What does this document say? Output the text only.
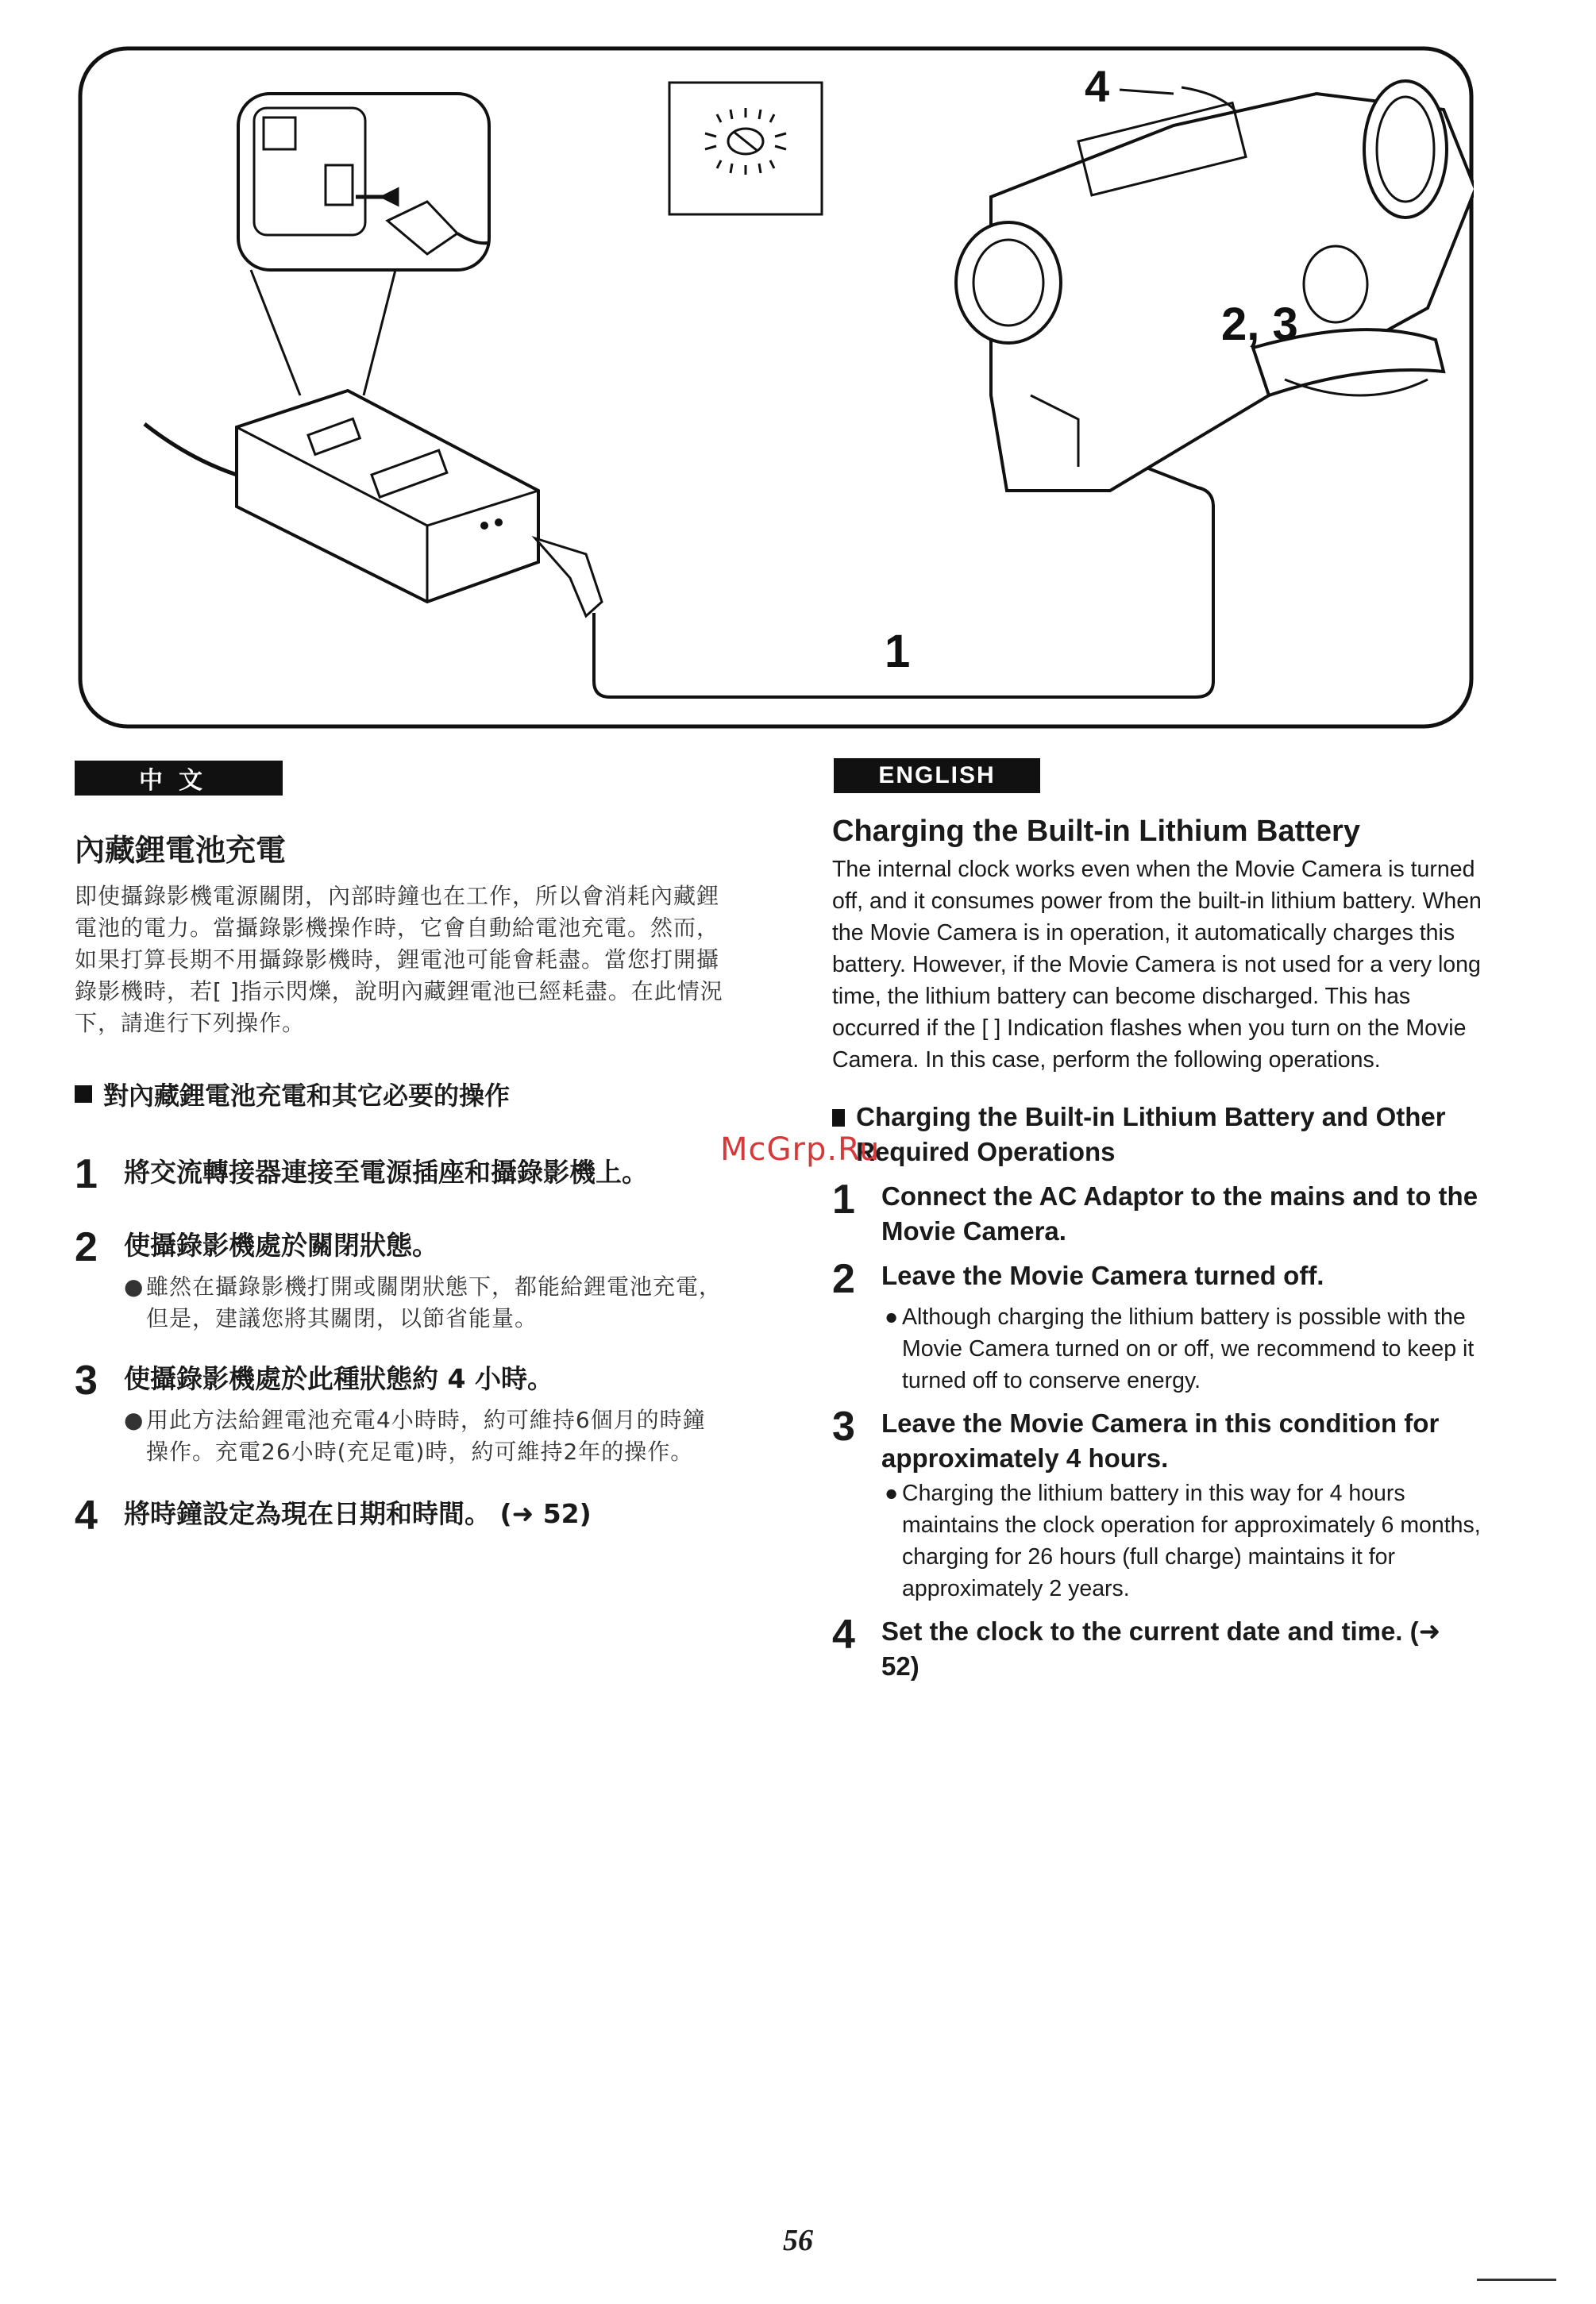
4
2, 3
1
中文	ENGLISH
內藏鋰電池充電

即使攝錄影機電源關閉，內部時鐘也在工作，所以會消耗內藏鋰電池的電力。當攝錄影機操作時，它會自動給電池充電。然而，如果打算長期不用攝錄影機時，鋰電池可能會耗盡。當您打開攝錄影機時，若[ ]指示閃爍，說明內藏鋰電池已經耗盡。在此情況下，請進行下列操作。

對內藏鋰電池充電和其它必要的操作
1	將交流轉接器連接至電源插座和攝錄影機上。
2	使攝錄影機處於關閉狀態。
● 雖然在攝錄影機打開或關閉狀態下，都能給鋰電池充電，但是，建議您將其關閉，以節省能量。
3	使攝錄影機處於此種狀態約 4 小時。
● 用此方法給鋰電池充電4小時時，約可維持6個月的時鐘操作。充電26小時(充足電)時，約可維持2年的操作。
4	將時鐘設定為現在日期和時間。 (➜ 52)
Charging the Built-in Lithium Battery

The internal clock works even when the Movie Camera is turned off, and it consumes power from the built-in lithium battery. When the Movie Camera is in operation, it automatically charges this battery. However, if the Movie Camera is not used for a very long time, the lithium battery can become discharged. This has occurred if the [ ] Indication flashes when you turn on the Movie Camera. In this case, perform the following operations.

Charging the Built-in Lithium Battery and Other Required Operations
1	Connect the AC Adaptor to the mains and to the Movie Camera.
2	Leave the Movie Camera turned off.
● Although charging the lithium battery is possible with the Movie Camera turned on or off, we recommend to keep it turned off to conserve energy.
3	Leave the Movie Camera in this condition for approximately 4 hours.
● Charging the lithium battery in this way for 4 hours maintains the clock operation for approximately 6 months, charging for 26 hours (full charge) maintains it for approximately 2 years.
4	Set the clock to the current date and time. (➜ 52)
McGrp.Ru
56
